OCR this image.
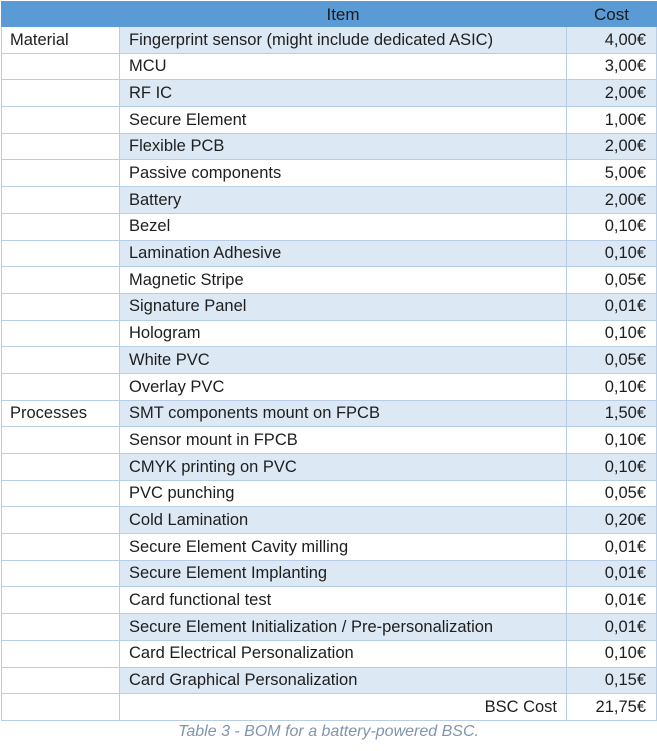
	Item	Cost
Material	Fingerprint sensor (might include dedicated ASIC)	4,00€
	MCU	3,00€
	RF IC	2,00€
	Secure Element	1,00€
	Flexible PCB	2,00€
	Passive components	5,00€
	Battery	2,00€
	Bezel	0,10€
	Lamination Adhesive	0,10€
	Magnetic Stripe	0,05€
	Signature Panel	0,01€
	Hologram	0,10€
	White PVC	0,05€
	Overlay PVC	0,10€
Processes	SMT components mount on FPCB	1,50€
	Sensor mount in FPCB	0,10€
	CMYK printing on PVC	0,10€
	PVC punching	0,05€
	Cold Lamination	0,20€
	Secure Element Cavity milling	0,01€
	Secure Element Implanting	0,01€
	Card functional test	0,01€
	Secure Element Initialization / Pre-personalization	0,01€
	Card Electrical Personalization	0,10€
	Card Graphical Personalization	0,15€
	BSC Cost	21,75€
Table 3 - BOM for a battery-powered BSC.
